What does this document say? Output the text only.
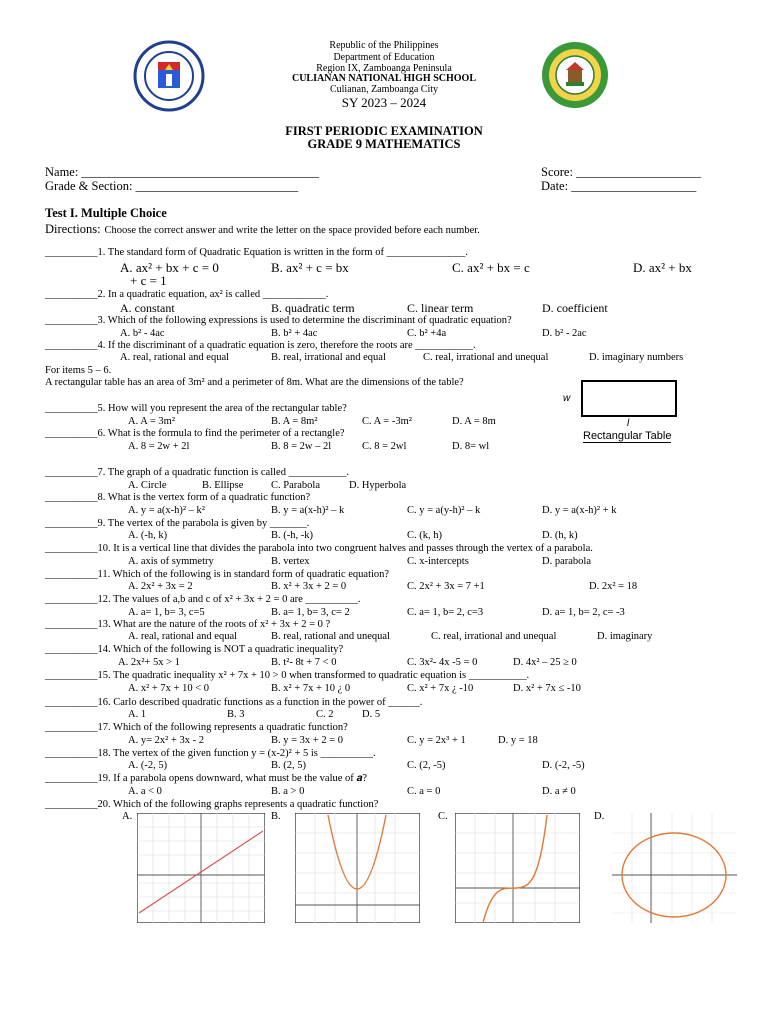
Republic of the Philippines
Department of Education
Region IX, Zamboanga Peninsula
CULIANAN NATIONAL HIGH SCHOOL
Culianan, Zamboanga City
SY 2023 – 2024
FIRST PERIODIC EXAMINATION
GRADE 9 MATHEMATICS
Name: ______________________________________
Grade & Section: __________________________
Score: ____________________
Date: ____________________
Test I. Multiple Choice
Directions: Choose the correct answer and write the letter on the space provided before each number.
__________1. The standard form of Quadratic Equation is written in the form of _______________.
A. ax² + bx + c = 0	B. ax² + c = bx	C. ax² + bx = c	D. ax² + bx
+ c = 1
__________2. In a quadratic equation, ax² is called ____________.
A. constant	B. quadratic term	C. linear term	D. coefficient
__________3. Which of the following expressions is used to determine the discriminant of quadratic equation?
A. b² - 4ac	B. b² + 4ac	C. b² +4a	D. b² - 2ac
__________4. If the discriminant of a quadratic equation is zero, therefore the roots are ___________.
A. real, rational and equal	B. real, irrational and equal	C. real, irrational and unequal	D. imaginary numbers
For items 5 – 6.
A rectangular table has an area of 3m² and a perimeter of 8m. What are the dimensions of the table?
w
l
Rectangular Table
__________5. How will you represent the area of the rectangular table?
A. A = 3m²	B. A = 8m²	C. A = -3m²	D. A = 8m
__________6. What is the formula to find the perimeter of a rectangle?
A. 8 = 2w + 2l	B. 8 = 2w – 2l	C. 8 = 2wl	D. 8= wl
__________7. The graph of a quadratic function is called ___________.
A. Circle	B. Ellipse	C. Parabola	D. Hyperbola
__________8. What is the vertex form of a quadratic function?
A. y = a(x-h)² – k²	B. y = a(x-h)² – k	C. y = a(y-h)² – k	D. y = a(x-h)² + k
__________9. The vertex of the parabola is given by _______.
A. (-h, k)	B. (-h, -k)	C. (k, h)	D. (h, k)
__________10. It is a vertical line that divides the parabola into two congruent halves and passes through the vertex of a parabola.
A. axis of symmetry	B. vertex	C. x-intercepts	D. parabola
__________11. Which of the following is in standard form of quadratic equation?
A. 2x² + 3x = 2	B. x² + 3x + 2 = 0	C. 2x² + 3x = 7 +1	D. 2x² = 18
__________12. The values of a,b and c of x² + 3x + 2 = 0 are __________.
A. a= 1, b= 3, c=5	B. a= 1, b= 3, c= 2	C. a= 1, b= 2, c=3	D. a= 1, b= 2, c= -3
__________13. What are the nature of the roots of x² + 3x + 2 = 0 ?
A. real, rational and equal	B. real, rational and unequal	C. real, irrational and unequal	D. imaginary
__________14. Which of the following is NOT a quadratic inequality?
A. 2x²+ 5x > 1	B. t²- 8t + 7 < 0	C. 3x²- 4x -5 = 0	D. 4x² – 25 ≥ 0
__________15. The quadratic inequality x² + 7x + 10 > 0 when transformed to quadratic equation is ___________.
A. x² + 7x + 10 < 0	B. x² + 7x + 10 ¿ 0	C. x² + 7x ¿ -10	D. x² + 7x ≤ -10
__________16. Carlo described quadratic functions as a function in the power of ______.
A. 1	B. 3	C. 2	D. 5
__________17. Which of the following represents a quadratic function?
A. y= 2x² + 3x - 2	B. y = 3x + 2 = 0	C. y = 2x³ + 1	D. y = 18
__________18. The vertex of the given function y = (x-2)² + 5 is __________.
A. (-2, 5)	B. (2, 5)	C. (2, -5)	D. (-2, -5)
__________19. If a parabola opens downward, what must be the value of 𝒂?
A. a < 0	B. a > 0	C. a = 0	D. a ≠ 0
__________20. Which of the following graphs represents a quadratic function?
A.	B.	C.	D.
